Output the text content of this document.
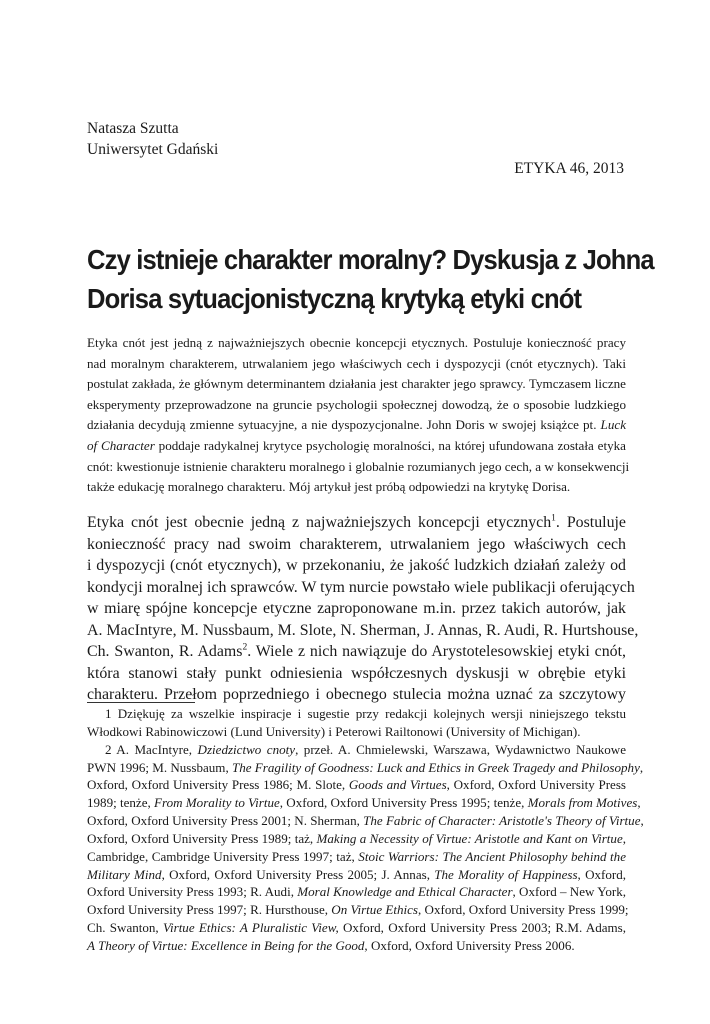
Natasza Szutta
Uniwersytet Gdański
ETYKA 46, 2013
Czy istnieje charakter moralny? Dyskusja z Johna
Dorisa sytuacjonistyczną krytyką etyki cnót
Etyka cnót jest jedną z najważniejszych obecnie koncepcji etycznych. Postuluje konieczność pracy
nad moralnym charakterem, utrwalaniem jego właściwych cech i dyspozycji (cnót etycznych). Taki
postulat zakłada, że głównym determinantem działania jest charakter jego sprawcy. Tymczasem liczne
eksperymenty przeprowadzone na gruncie psychologii społecznej dowodzą, że o sposobie ludzkiego
działania decydują zmienne sytuacyjne, a nie dyspozycjonalne. John Doris w swojej książce pt. Luck
of Character poddaje radykalnej krytyce psychologię moralności, na której ufundowana została etyka
cnót: kwestionuje istnienie charakteru moralnego i globalnie rozumianych jego cech, a w konsekwencji
także edukację moralnego charakteru. Mój artykuł jest próbą odpowiedzi na krytykę Dorisa.
Etyka cnót jest obecnie jedną z najważniejszych koncepcji etycznych$^1$. Postuluje
konieczność pracy nad swoim charakterem, utrwalaniem jego właściwych cech
i dyspozycji (cnót etycznych), w przekonaniu, że jakość ludzkich działań zależy od
kondycji moralnej ich sprawców. W tym nurcie powstało wiele publikacji oferujących
w miarę spójne koncepcje etyczne zaproponowane m.in. przez takich autorów, jak
A. MacIntyre, M. Nussbaum, M. Slote, N. Sherman, J. Annas, R. Audi, R. Hurtshouse,
Ch. Swanton, R. Adams$^2$. Wiele z nich nawiązuje do Arystotelesowskiej etyki cnót,
która stanowi stały punkt odniesienia współczesnych dyskusji w obrębie etyki
charakteru. Przełom poprzedniego i obecnego stulecia można uznać za szczytowy
1 Dziękuję za wszelkie inspiracje i sugestie przy redakcji kolejnych wersji niniejszego tekstu
Włodkowi Rabinowiczowi (Lund University) i Peterowi Railtonowi (University of Michigan).
2 A. MacIntyre, Dziedzictwo cnoty, przeł. A. Chmielewski, Warszawa, Wydawnictwo Naukowe
PWN 1996; M. Nussbaum, The Fragility of Goodness: Luck and Ethics in Greek Tragedy and Philosophy,
Oxford, Oxford University Press 1986; M. Slote, Goods and Virtues, Oxford, Oxford University Press
1989; tenże, From Morality to Virtue, Oxford, Oxford University Press 1995; tenże, Morals from Motives,
Oxford, Oxford University Press 2001; N. Sherman, The Fabric of Character: Aristotle's Theory of Virtue,
Oxford, Oxford University Press 1989; taż, Making a Necessity of Virtue: Aristotle and Kant on Virtue,
Cambridge, Cambridge University Press 1997; taż, Stoic Warriors: The Ancient Philosophy behind the
Military Mind, Oxford, Oxford University Press 2005; J. Annas, The Morality of Happiness, Oxford,
Oxford University Press 1993; R. Audi, Moral Knowledge and Ethical Character, Oxford – New York,
Oxford University Press 1997; R. Hursthouse, On Virtue Ethics, Oxford, Oxford University Press 1999;
Ch. Swanton, Virtue Ethics: A Pluralistic View, Oxford, Oxford University Press 2003; R.M. Adams,
A Theory of Virtue: Excellence in Being for the Good, Oxford, Oxford University Press 2006.
